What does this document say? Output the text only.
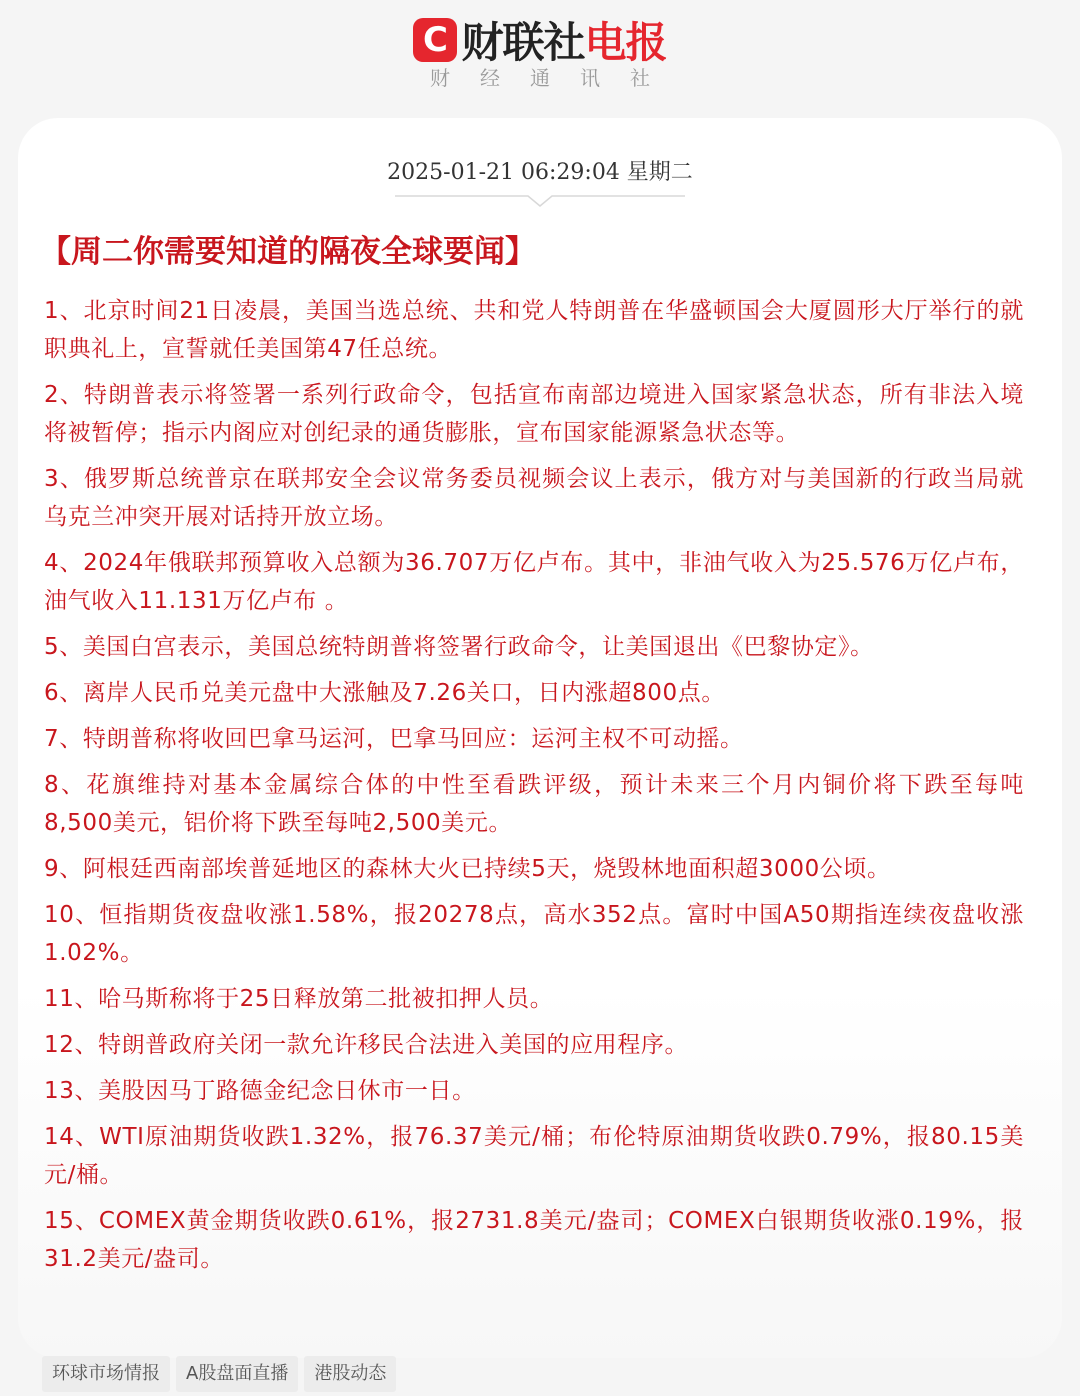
C 财联社 电报
财经通讯社
2025-01-21 06:29:04 星期二
【周二你需要知道的隔夜全球要闻】

1、北京时间21日凌晨，美国当选总统、共和党人特朗普在华盛顿国会大厦圆形大厅举行的就职典礼上，宣誓就任美国第47任总统。

2、特朗普表示将签署一系列行政命令，包括宣布南部边境进入国家紧急状态，所有非法入境将被暂停；指示内阁应对创纪录的通货膨胀，宣布国家能源紧急状态等。

3、俄罗斯总统普京在联邦安全会议常务委员视频会议上表示，俄方对与美国新的行政当局就乌克兰冲突开展对话持开放立场。

4、2024年俄联邦预算收入总额为36.707万亿卢布。其中，非油气收入为25.576万亿卢布，油气收入11.131万亿卢布 。

5、美国白宫表示，美国总统特朗普将签署行政命令，让美国退出《巴黎协定》。

6、离岸人民币兑美元盘中大涨触及7.26关口，日内涨超800点。

7、特朗普称将收回巴拿马运河，巴拿马回应：运河主权不可动摇。

8、花旗维持对基本金属综合体的中性至看跌评级，预计未来三个月内铜价将下跌至每吨8,500美元，铝价将下跌至每吨2,500美元。

9、阿根廷西南部埃普延地区的森林大火已持续5天，烧毁林地面积超3000公顷。

10、恒指期货夜盘收涨1.58%，报20278点，高水352点。富时中国A50期指连续夜盘收涨1.02%。

11、哈马斯称将于25日释放第二批被扣押人员。

12、特朗普政府关闭一款允许移民合法进入美国的应用程序。

13、美股因马丁路德金纪念日休市一日。

14、WTI原油期货收跌1.32%，报76.37美元/桶；布伦特原油期货收跌0.79%，报80.15美元/桶。

15、COMEX黄金期货收跌0.61%，报2731.8美元/盎司；COMEX白银期货收涨0.19%，报31.2美元/盎司。

环球市场情报	A股盘面直播	港股动态
